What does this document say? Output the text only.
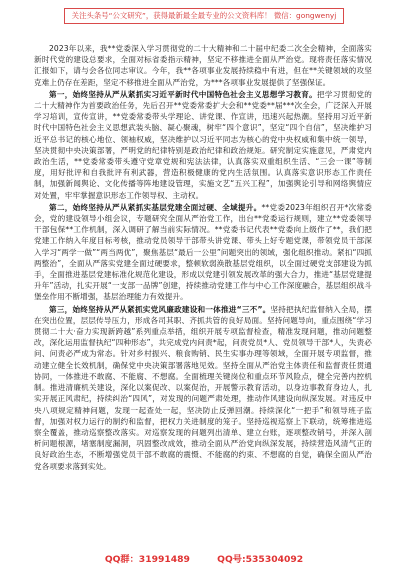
关注头条号“公文研究”，获得最新最全最专业的公文资料库！ 微信：gongwenyj

2023年以来，我**党委深入学习贯彻党的二十大精神和二十届中纪委二次全会精神，全面落实新时代党的建设总要求，全面对标省委指示精神，坚定不移推进全面从严治党。现将责任落实情况汇报如下，请与会各位同志审议。今年，我**各项事业发展持续稳中有进，但在**关键领域的攻坚克难上仍存在差距，坚定不移推进全面从严治党，为***各项事业发展提供了坚强保证。

第一，始终坚持从严从紧抓实习近平新时代中国特色社会主义思想学习教育。把学习贯彻党的二十大精神作为首要政治任务，先后召开**党委常委扩大会和**党委**届***次全会，广泛深入开展学习培训，宣传宣讲，**党委常委带头学理论、讲党课、作宣讲，迅速兴起热潮。坚持用习近平新时代中国特色社会主义思想武装头脑、凝心聚魂，树牢“四个意识”，坚定“四个自信”，坚决维护习近平总书记的核心地位、领袖权威，坚决维护以习近平同志为核心的党中央权威和集中统一领导，坚决贯彻中央决策部署，严明党的纪律特别是政治纪律和政治规矩。研究制定实施意见，严肃党内政治生活，**党委常委带头遵守党章党规和宪法法律，认真落实双重组织生活、“三会一课”等制度，用好批评和自我批评有利武器，营造积极健康的党内生活氛围。认真落实意识形态工作责任制，加强新闻舆论、文化传播等阵地建设管理，实施文艺“五兴工程”，加强舆论引导和网络舆情应对处置，牢牢掌握意识形态工作领导权、主动权。

第二，始终坚持从严从紧抓实基层党建全面过硬、全域提升。**党委2023年组织召开*次常委会，党的建设领导小组会议，专题研究全面从严治党工作，出台**党委运行规则，建立**党委领导干部包保**工作机制，深入调研了解当前实际情况。**党委书记代表**党委向上级作了**，我们把党建工作纳入年度目标考核，推动党员领导干部带头讲党课、带头上好专题党课，带领党员干部深入学习“两学一做”“两当两优”，聚焦基层“最后一公里”问题突出的领域，强化组织推动。紧扣“四抓两整治”，全面从严落实党建全面过硬要求，整顿软弱涣散基层党组织，以全面过硬党支部建设为抓手，全面推进基层党建标准化规范化建设，形成以党建引领发展改革的强大合力，推进“基层党建提升年”活动，扎实开展“一支部一品牌”创建，持续推动党建工作与中心工作深度融合，基层组织战斗堡垒作用不断增强，基层治理能力有效提升。

第三，始终坚持从严从紧抓实党风廉政建设和一体推进“三不”。坚持把执纪监督纳入全局，摆在突出位置，层层传导压力，形成各司其职、齐抓共管的良好局面。坚持问题导向，重点围绕“学习贯彻二十大·奋力实现新跨越”系列重点举措，组织开展专项监督检查，精准发现问题，推动问题整改，深化运用监督执纪“四种形态”，共完成党内问责*起，问责党员*人、党员领导干部*人，失责必问、问责必严成为常态。针对乡村振兴、粮食购销、民生实事办理等领域，全面开展专项监督，推动建立健全长效机制，确保党中央决策部署落地见效。坚持全面从严治党主体责任和监督责任贯通协同，一体推进不敢腐、不能腐、不想腐。全面梳理关键岗位和重点环节风险点，健全完善内控机制。推进清廉机关建设，深化以案促改、以案促治，开展警示教育活动，以身边事教育身边人，扎实开展正风肃纪，持续纠治“四风”，对发现的问题严肃处理，推动作风建设向纵深发展。对违反中央八项规定精神问题，发现一起查处一起，坚决防止反弹回潮。持续深化“一把手”和领导班子监督，加强对权力运行的制约和监督，把权力关进制度的笼子。坚持巡视巡察上下联动，统筹推进巡察全覆盖，推动巡察整改落实。对巡察发现的问题列出清单、建立台账，逐项整改销号，并深入剖析问题根源，堵塞制度漏洞，巩固整改成效，推动全面从严治党向纵深发展，持续营造风清气正的良好政治生态，不断增强党员干部不敢腐的震慑、不能腐的约束、不想腐的自觉，确保全面从严治党各项要求落到实处。

QQ群：31991489	QQ号:535304092
